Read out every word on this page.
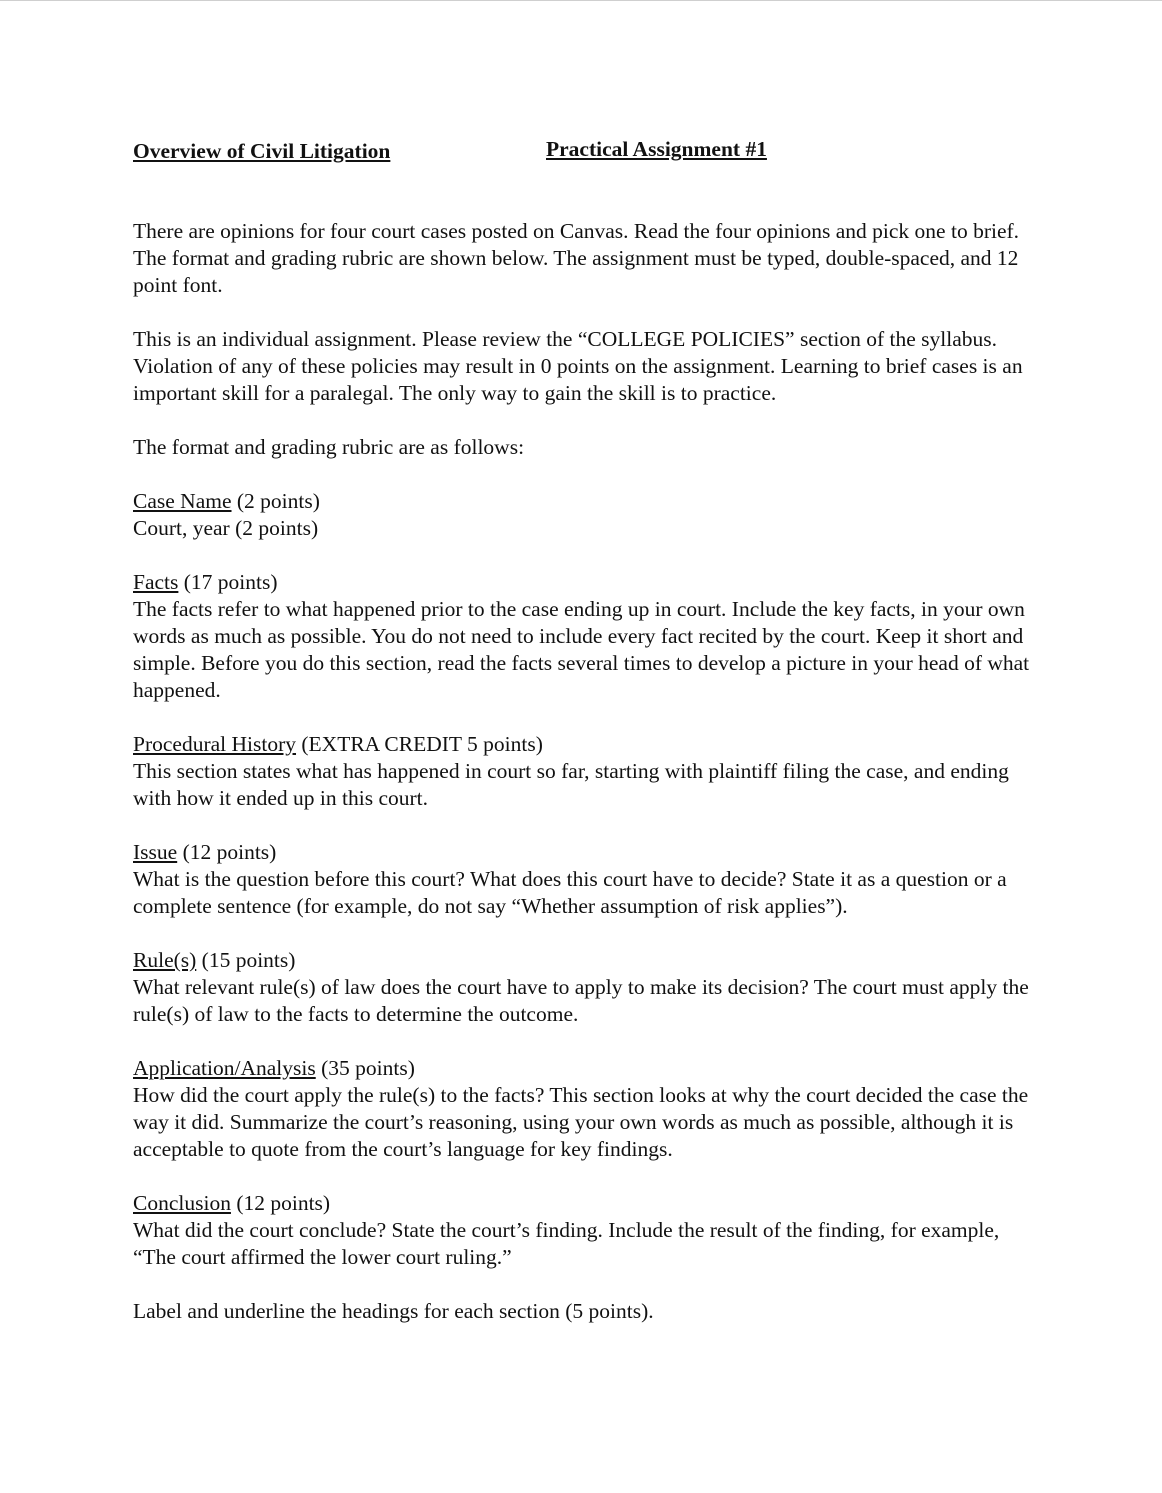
Overview of Civil Litigation	Practical Assignment #1

There are opinions for four court cases posted on Canvas. Read the four opinions and pick one to brief. The format and grading rubric are shown below. The assignment must be typed, double-spaced, and 12 point font.

This is an individual assignment. Please review the “COLLEGE POLICIES” section of the syllabus. Violation of any of these policies may result in 0 points on the assignment. Learning to brief cases is an important skill for a paralegal. The only way to gain the skill is to practice.

The format and grading rubric are as follows:

Case Name (2 points)

Court, year (2 points)

Facts (17 points)

The facts refer to what happened prior to the case ending up in court. Include the key facts, in your own words as much as possible. You do not need to include every fact recited by the court. Keep it short and simple. Before you do this section, read the facts several times to develop a picture in your head of what happened.

Procedural History (EXTRA CREDIT 5 points)

This section states what has happened in court so far, starting with plaintiff filing the case, and ending with how it ended up in this court.

Issue (12 points)

What is the question before this court? What does this court have to decide? State it as a question or a complete sentence (for example, do not say “Whether assumption of risk applies”).

Rule(s) (15 points)

What relevant rule(s) of law does the court have to apply to make its decision? The court must apply the rule(s) of law to the facts to determine the outcome.

Application/Analysis (35 points)

How did the court apply the rule(s) to the facts? This section looks at why the court decided the case the way it did. Summarize the court’s reasoning, using your own words as much as possible, although it is acceptable to quote from the court’s language for key findings.

Conclusion (12 points)

What did the court conclude? State the court’s finding. Include the result of the finding, for example, “The court affirmed the lower court ruling.”

Label and underline the headings for each section (5 points).
